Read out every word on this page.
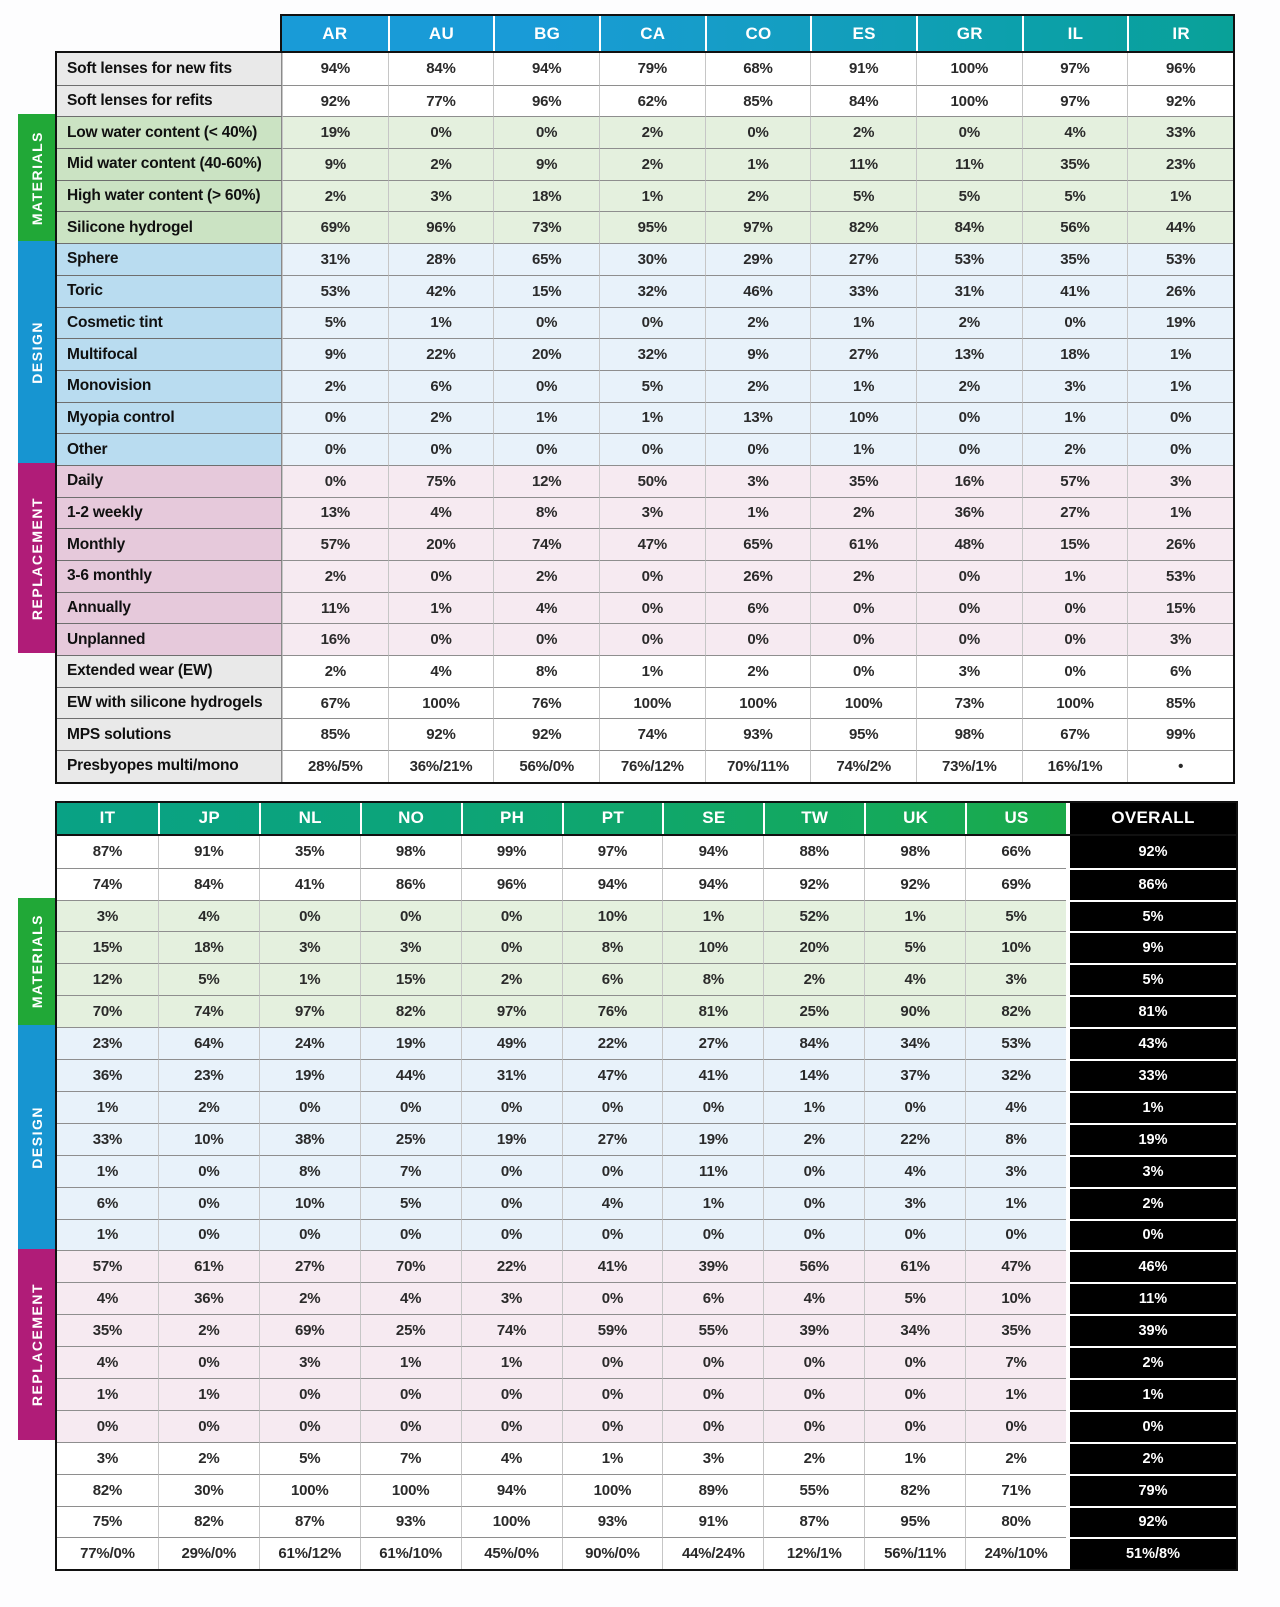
MATERIALS
DESIGN
REPLACEMENT
AR	AU	BG	CA	CO	ES	GR	IL	IR
Soft lenses for new fits	94%	84%	94%	79%	68%	91%	100%	97%	96%
Soft lenses for refits	92%	77%	96%	62%	85%	84%	100%	97%	92%
Low water content (< 40%)	19%	0%	0%	2%	0%	2%	0%	4%	33%
Mid water content (40-60%)	9%	2%	9%	2%	1%	11%	11%	35%	23%
High water content (> 60%)	2%	3%	18%	1%	2%	5%	5%	5%	1%
Silicone hydrogel	69%	96%	73%	95%	97%	82%	84%	56%	44%
Sphere	31%	28%	65%	30%	29%	27%	53%	35%	53%
Toric	53%	42%	15%	32%	46%	33%	31%	41%	26%
Cosmetic tint	5%	1%	0%	0%	2%	1%	2%	0%	19%
Multifocal	9%	22%	20%	32%	9%	27%	13%	18%	1%
Monovision	2%	6%	0%	5%	2%	1%	2%	3%	1%
Myopia control	0%	2%	1%	1%	13%	10%	0%	1%	0%
Other	0%	0%	0%	0%	0%	1%	0%	2%	0%
Daily	0%	75%	12%	50%	3%	35%	16%	57%	3%
1-2 weekly	13%	4%	8%	3%	1%	2%	36%	27%	1%
Monthly	57%	20%	74%	47%	65%	61%	48%	15%	26%
3-6 monthly	2%	0%	2%	0%	26%	2%	0%	1%	53%
Annually	11%	1%	4%	0%	6%	0%	0%	0%	15%
Unplanned	16%	0%	0%	0%	0%	0%	0%	0%	3%
Extended wear (EW)	2%	4%	8%	1%	2%	0%	3%	0%	6%
EW with silicone hydrogels	67%	100%	76%	100%	100%	100%	73%	100%	85%
MPS solutions	85%	92%	92%	74%	93%	95%	98%	67%	99%
Presbyopes multi/mono	28%/5%	36%/21%	56%/0%	76%/12%	70%/11%	74%/2%	73%/1%	16%/1%	•
MATERIALS
DESIGN
REPLACEMENT
IT	JP	NL	NO	PH	PT	SE	TW	UK	US	OVERALL
87%	91%	35%	98%	99%	97%	94%	88%	98%	66%	92%
74%	84%	41%	86%	96%	94%	94%	92%	92%	69%	86%
3%	4%	0%	0%	0%	10%	1%	52%	1%	5%	5%
15%	18%	3%	3%	0%	8%	10%	20%	5%	10%	9%
12%	5%	1%	15%	2%	6%	8%	2%	4%	3%	5%
70%	74%	97%	82%	97%	76%	81%	25%	90%	82%	81%
23%	64%	24%	19%	49%	22%	27%	84%	34%	53%	43%
36%	23%	19%	44%	31%	47%	41%	14%	37%	32%	33%
1%	2%	0%	0%	0%	0%	0%	1%	0%	4%	1%
33%	10%	38%	25%	19%	27%	19%	2%	22%	8%	19%
1%	0%	8%	7%	0%	0%	11%	0%	4%	3%	3%
6%	0%	10%	5%	0%	4%	1%	0%	3%	1%	2%
1%	0%	0%	0%	0%	0%	0%	0%	0%	0%	0%
57%	61%	27%	70%	22%	41%	39%	56%	61%	47%	46%
4%	36%	2%	4%	3%	0%	6%	4%	5%	10%	11%
35%	2%	69%	25%	74%	59%	55%	39%	34%	35%	39%
4%	0%	3%	1%	1%	0%	0%	0%	0%	7%	2%
1%	1%	0%	0%	0%	0%	0%	0%	0%	1%	1%
0%	0%	0%	0%	0%	0%	0%	0%	0%	0%	0%
3%	2%	5%	7%	4%	1%	3%	2%	1%	2%	2%
82%	30%	100%	100%	94%	100%	89%	55%	82%	71%	79%
75%	82%	87%	93%	100%	93%	91%	87%	95%	80%	92%
77%/0%	29%/0%	61%/12%	61%/10%	45%/0%	90%/0%	44%/24%	12%/1%	56%/11%	24%/10%	51%/8%
